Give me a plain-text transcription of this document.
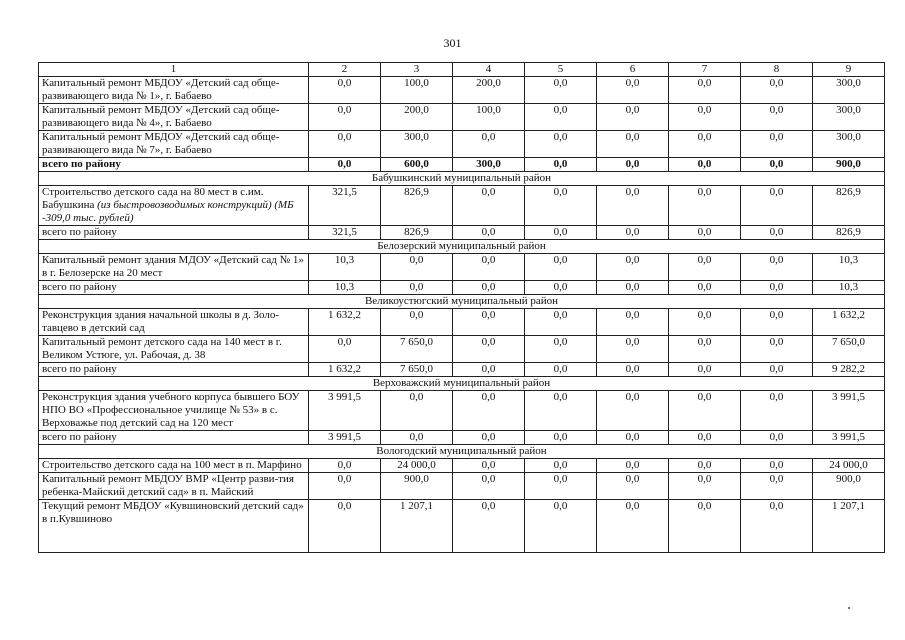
301
1	2	3	4	5	6	7	8	9
Капитальный ремонт МБДОУ «Детский сад обще-развивающего вида № 1», г. Бабаево	0,0	100,0	200,0	0,0	0,0	0,0	0,0	300,0
Капитальный ремонт МБДОУ «Детский сад обще-развивающего вида № 4», г. Бабаево	0,0	200,0	100,0	0,0	0,0	0,0	0,0	300,0
Капитальный ремонт МБДОУ «Детский сад обще-развивающего вида № 7», г. Бабаево	0,0	300,0	0,0	0,0	0,0	0,0	0,0	300,0
всего по району	0,0	600,0	300,0	0,0	0,0	0,0	0,0	900,0
Бабушкинский муниципальный район								
Строительство детского сада на 80 мест в с.им. Бабушкина (из быстровозводимых конструкций) (МБ -309,0 тыс. рублей)	321,5	826,9	0,0	0,0	0,0	0,0	0,0	826,9
всего по району	321,5	826,9	0,0	0,0	0,0	0,0	0,0	826,9
Белозерский муниципальный район								
Капитальный ремонт здания МДОУ «Детский сад № 1» в г. Белозерске на 20 мест	10,3	0,0	0,0	0,0	0,0	0,0	0,0	10,3
всего по району	10,3	0,0	0,0	0,0	0,0	0,0	0,0	10,3
Великоустюгский муниципальный район								
Реконструкция здания начальной школы в д. Золо-тавцево в детский сад	1 632,2	0,0	0,0	0,0	0,0	0,0	0,0	1 632,2
Капитальный ремонт детского сада на 140 мест в г. Великом Устюге, ул. Рабочая, д. 38	0,0	7 650,0	0,0	0,0	0,0	0,0	0,0	7 650,0
всего по району	1 632,2	7 650,0	0,0	0,0	0,0	0,0	0,0	9 282,2
Верховажский муниципальный район								
Реконструкция здания учебного корпуса бывшего БОУ НПО ВО «Профессиональное училище № 53» в с. Верховажье под детский сад на 120 мест	3 991,5	0,0	0,0	0,0	0,0	0,0	0,0	3 991,5
всего по району	3 991,5	0,0	0,0	0,0	0,0	0,0	0,0	3 991,5
Вологодский муниципальный район								
Строительство детского сада на 100 мест в п. Марфино	0,0	24 000,0	0,0	0,0	0,0	0,0	0,0	24 000,0
Капитальный ремонт МБДОУ ВМР «Центр разви-тия ребенка-Майский детский сад» в п. Майский	0,0	900,0	0,0	0,0	0,0	0,0	0,0	900,0
Текущий ремонт МБДОУ «Кувшиновский детский сад» в п.Кувшиново	0,0	1 207,1	0,0	0,0	0,0	0,0	0,0	1 207,1
